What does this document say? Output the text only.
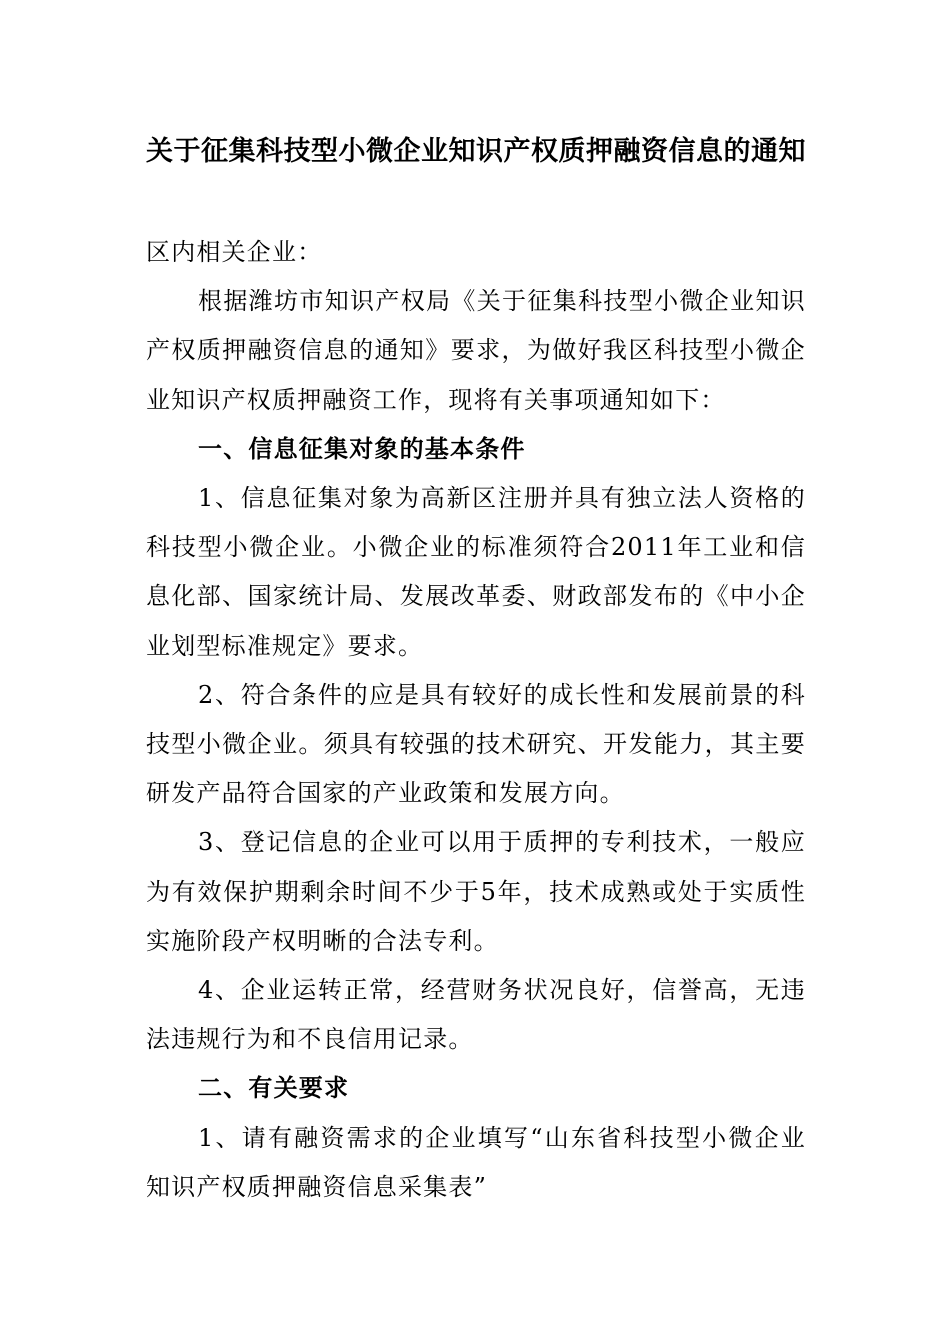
关于征集科技型小微企业知识产权质押融资信息的通知

区内相关企业：

根据潍坊市知识产权局《关于征集科技型小微企业知识产权质押融资信息的通知》要求，为做好我区科技型小微企业知识产权质押融资工作，现将有关事项通知如下：

一、信息征集对象的基本条件

1、信息征集对象为高新区注册并具有独立法人资格的科技型小微企业。小微企业的标准须符合2011年工业和信息化部、国家统计局、发展改革委、财政部发布的《中小企业划型标准规定》要求。

2、符合条件的应是具有较好的成长性和发展前景的科技型小微企业。须具有较强的技术研究、开发能力，其主要研发产品符合国家的产业政策和发展方向。

3、登记信息的企业可以用于质押的专利技术，一般应为有效保护期剩余时间不少于5年，技术成熟或处于实质性实施阶段产权明晰的合法专利。

4、企业运转正常，经营财务状况良好，信誉高，无违法违规行为和不良信用记录。

二、有关要求

1、请有融资需求的企业填写“山东省科技型小微企业知识产权质押融资信息采集表”
